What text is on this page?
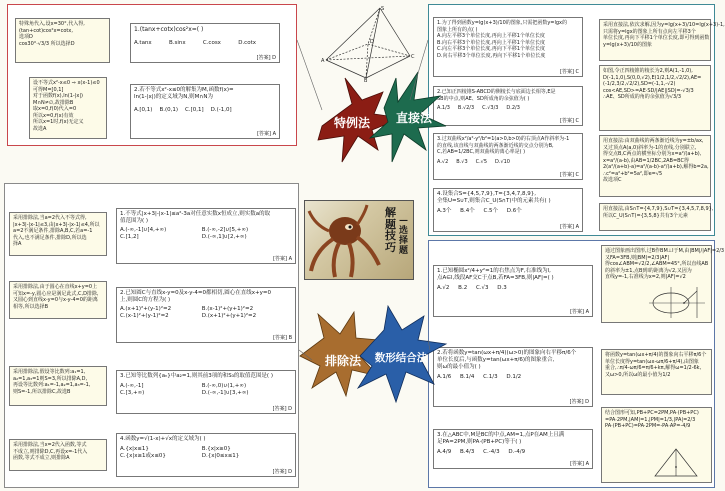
特殊角代入,设x=30°,代入得,
(tan+cot)cos²x=cotx,
选项D
cos30°·√3/3 所以选择D
1.(tanx+cotx)cos²x=( )
A.tanx	B.sinx	C.cosx	D.cotx
[答案] D
设不等式x²-x≤0 ⇒ x(x-1)≤0
可得M=[0,1]
对于函数f(x),ln(1-|x|)
M∩N≠∅,故排除B
取x=0,f(0)代入=0
所以x=0,f(x)有效
所以x=1时,f(x)无定义
故选A
2.若不等式x²-x≤0的解集为M,函数f(x)=
ln(1-|x|)的定义域为N,则M∩N为
A.[0,1) B.(0,1) C.[0,1] D.(-1,0]
[答案] A
S
A
B
C
D
1.为了得到函数y=lg(x+3)/10的图象,只需把函数y=lgx的
图象上所有的点( )
A.向左平移3个单位长度,再向上平移1个单位长度
B.向右平移3个单位长度,再向上平移1个单位长度
C.向左平移3个单位长度,再向下平移1个单位长度
D.向右平移3个单位长度,再向下平移1个单位长度
[答案] C
采用直接法,依次求解,因为y=lg(x+3)/10=lg(x+3)-1,
只需将y=lgx的图象上所有点向左平移3个
单位长度,再向下平移1个单位长度,即可得到函数
y=lg(x+3)/10的图象
2.已知正四棱锥S-ABCD的侧棱长与底面边长相等,E是
SB的中点,则AE、SD所成角的余弦值为( )
A.1/3 B.√2/3 C.√3/3 D.2/3
[答案] C
如图,令正四棱锥的棱长为2,则A(1,-1,0),
D(-1,1,0),S(0,0,√2),E(1/2,1/2,√2/2),AE=
(-1/2,3/2,√2/2),SD=(-1,1,-√2)
cos<AE,SD>=AE·SD/|AE||SD|=-√3/3
∴AE、SD所成的角的余弦值为√3/3
3.过双曲线x²/a²-y²/b²=1(a>0,b>0)的右顶点A作斜率为-1
的直线,该直线与双曲线的两条渐近线的交点分别为B,
C,若AB=1/2BC,则双曲线的离心率是( )
A.√2 B.√3 C.√5 D.√10
[答案] C
用直接法:由双曲线的两条渐近线为y=±b/ax,
又过顶点A(a,0)斜率为-1的直线,分别联立,
得交点B,C两点的横坐标分别为x=a²/(a+b),
x=a²/(a-b),由AB=1/2BC,2AB=BC得
2(a²/(a+b)-a)=a²/(a-b)-a²/(a+b),解得b=2a,
∴c²=a²+b²=5a²,即e=√5
故选项C
4.设集合S={4,5,7,9},T={3,4,7,8,9},
全集U=S∪T,则集合C_U(S∩T)中的元素共有( )
A.3个 B.4个 C.5个 D.6个
[答案] A
用直接法,由S∩T={4,7,9},S∪T={3,4,5,7,8,9},
所以C_U(S∩T)={3,5,8}共有3个元素
采用排除法,当a=2代入不等式得,
|x+3|-|x-1|≤3,由|x+3|-|x-1|≤4,所以
a=2不满足条件,排除A,B,C,若a=-1
代入,也不满足条件,排除D,所以选
择A
1.不等式|x+3|-|x-1|≤a²-3a对任意实数x恒成立,则实数a的取
值范围为( )
A.(-∞,-1]∪[4,+∞)	B.(-∞,-2]∪[5,+∞)
C.[1,2]	D.(-∞,1]∪[2,+∞)
[答案] A
采用排除法,由于圆心在直线x+y=0上
可知x=-y,圆心应是满足此式,C,D排除,
又圆心到直线x-y=0与x-y-4=0的距离
相等,所以选择B
2.已知圆C与直线x-y=0及x-y-4=0都相切,圆心在直线x+y=0
上,则圆C的方程为( )
A.(x+1)²+(y-1)²=2	B.(x-1)²+(y+1)²=2
C.(x-1)²+(y-1)²=2	D.(x+1)²+(y+1)²=2
[答案] B
采用排除法,假设等比数列:a₁=1,
a₂=1,a₃=1则S=3,所以排除A,D,
再设等比数列:a₁=-1,a₂=1,a₃=-1,
则S=-1,所以排除C,故选B
3.已知等比数列{aₙ}中a₂=1,则其前3项的和S₃的取值范围是( )
A.(-∞,-1]	B.(-∞,0)∪(1,+∞)
C.[3,+∞)	D.(-∞,-1]∪[3,+∞)
[答案] D
采用排除法,当x=2代入函数,等式
不成立,则排除D,C,再设x=-1代入
函数,等式不成立,则排除A
4.函数y=√(1-x)+√x的定义域为( )
A.{x|x≤1}	B.{x|x≥0}
C.{x|x≥1或x≤0}	D.{x|0≤x≤1}
[答案] D
1.已知椭圆x²/4+y²=1的右焦点为F,右准线为l,
点A∈l,线段AF交C于点B,若FA=3FB,则|AF|=( )
A.√2 B.2 C.√3 D.3
[答案] A
通过图象画出图形,过B作BM⊥l于M,由|BM|/|AF|=2/3
又FA=3FB,则|BM|=2/3|AF|
得cos∠ABM=√2/2,∠ABM=45°,所以直线AB
的斜率为±1,点B到l的距离为√2,又因为
直线y=-1,右准线为x=2,则|AF|=√2
2.若将函数y=tan(ωx+π/4)(ω>0)的图象向右平移π/6个
单位长度后,与函数y=tan(ωx+π/6)的图象重合,
则ω的最小值为( )
A.1/6 B.1/4 C.1/3 D.1/2
[答案] D
将函数y=tan(ωx+π/4)的图象向右平移π/6个
单位长度得y=tan(ωx-ωπ/6+π/4),由图象
重合,∴π/4-ωπ/6=π/6+kπ,解得ω=1/2-6k,
又ω>0,所以ω的最小值为1/2
3.在△ABC中,M是BC的中点,AM=1,点P在AM上且满
足PA=2PM,则PA·(PB+PC)等于( )
A.4/9 B.4/3 C.-4/3 D.-4/9
[答案] A
结合图形可知,PB+PC=2PM,PA·(PB+PC)
=PA·2PM,|AM|=1,|PM|=1/3,|PA|=2/3
PA·(PB+PC)=PA·2PM=-PA·AP=-4/9
特例法	直接法
排除法	数形结合法
解
题
技
巧
—
选
择
题
